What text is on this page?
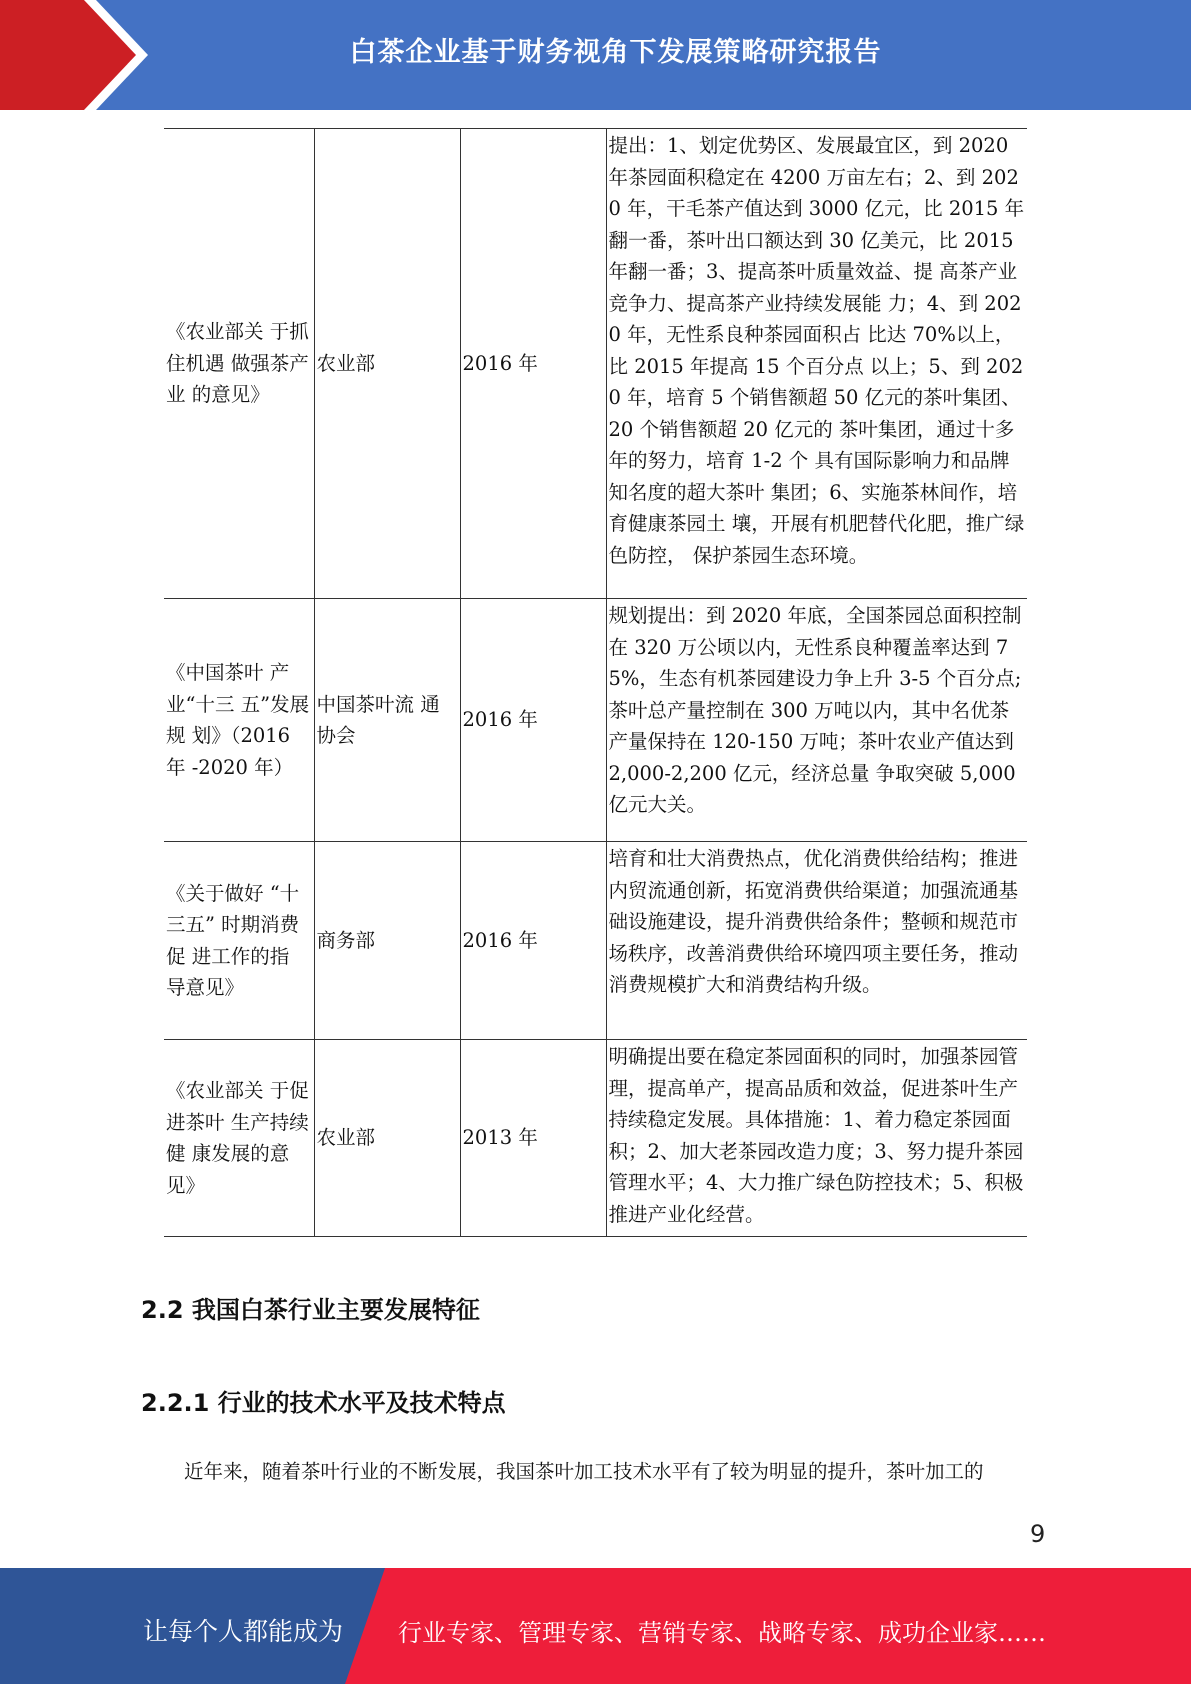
白茶企业基于财务视角下发展策略研究报告
《农业部关 于抓住机遇 做强茶产业 的意见》	农业部	2016 年	提出：1、划定优势区、发展最宜区，到 2020 年茶园面积稳定在 4200 万亩左右；2、到 2020 年，干毛茶产值达到 3000 亿元，比 2015 年翻一番，茶叶出口额达到 30 亿美元，比 2015 年翻一番；3、提高茶叶质量效益、提 高茶产业竞争力、提高茶产业持续发展能 力；4、到 2020 年，无性系良种茶园面积占 比达 70%以上，比 2015 年提高 15 个百分点 以上；5、到 2020 年，培育 5 个销售额超 50 亿元的茶叶集团、20 个销售额超 20 亿元的 茶叶集团，通过十多年的努力，培育 1-2 个 具有国际影响力和品牌知名度的超大茶叶 集团；6、实施茶林间作，培育健康茶园土 壤，开展有机肥替代化肥，推广绿色防控， 保护茶园生态环境。
《中国茶叶 产业“十三 五”发展规 划》（2016 年 -2020 年）	中国茶叶流 通协会	2016 年	规划提出：到 2020 年底，全国茶园总面积控制在 320 万公顷以内，无性系良种覆盖率达到 75%，生态有机茶园建设力争上升 3-5 个百分点;茶叶总产量控制在 300 万吨以内，其中名优茶产量保持在 120-150 万吨；茶叶农业产值达到 2,000-2,200 亿元，经济总量 争取突破 5,000 亿元大关。
《关于做好 “十三五” 时期消费促 进工作的指 导意见》	商务部	2016 年	培育和壮大消费热点，优化消费供给结构；推进内贸流通创新，拓宽消费供给渠道；加强流通基础设施建设，提升消费供给条件；整顿和规范市场秩序，改善消费供给环境四项主要任务，推动消费规模扩大和消费结构升级。
《农业部关 于促进茶叶 生产持续健 康发展的意 见》	农业部	2013 年	明确提出要在稳定茶园面积的同时，加强茶园管理，提高单产，提高品质和效益，促进茶叶生产持续稳定发展。具体措施：1、着力稳定茶园面积；2、加大老茶园改造力度；3、努力提升茶园管理水平；4、大力推广绿色防控技术；5、积极推进产业化经营。
2.2 我国白茶行业主要发展特征
2.2.1 行业的技术水平及技术特点
近年来，随着茶叶行业的不断发展，我国茶叶加工技术水平有了较为明显的提升，茶叶加工的
9
让每个人都能成为 行业专家、管理专家、营销专家、战略专家、成功企业家……
